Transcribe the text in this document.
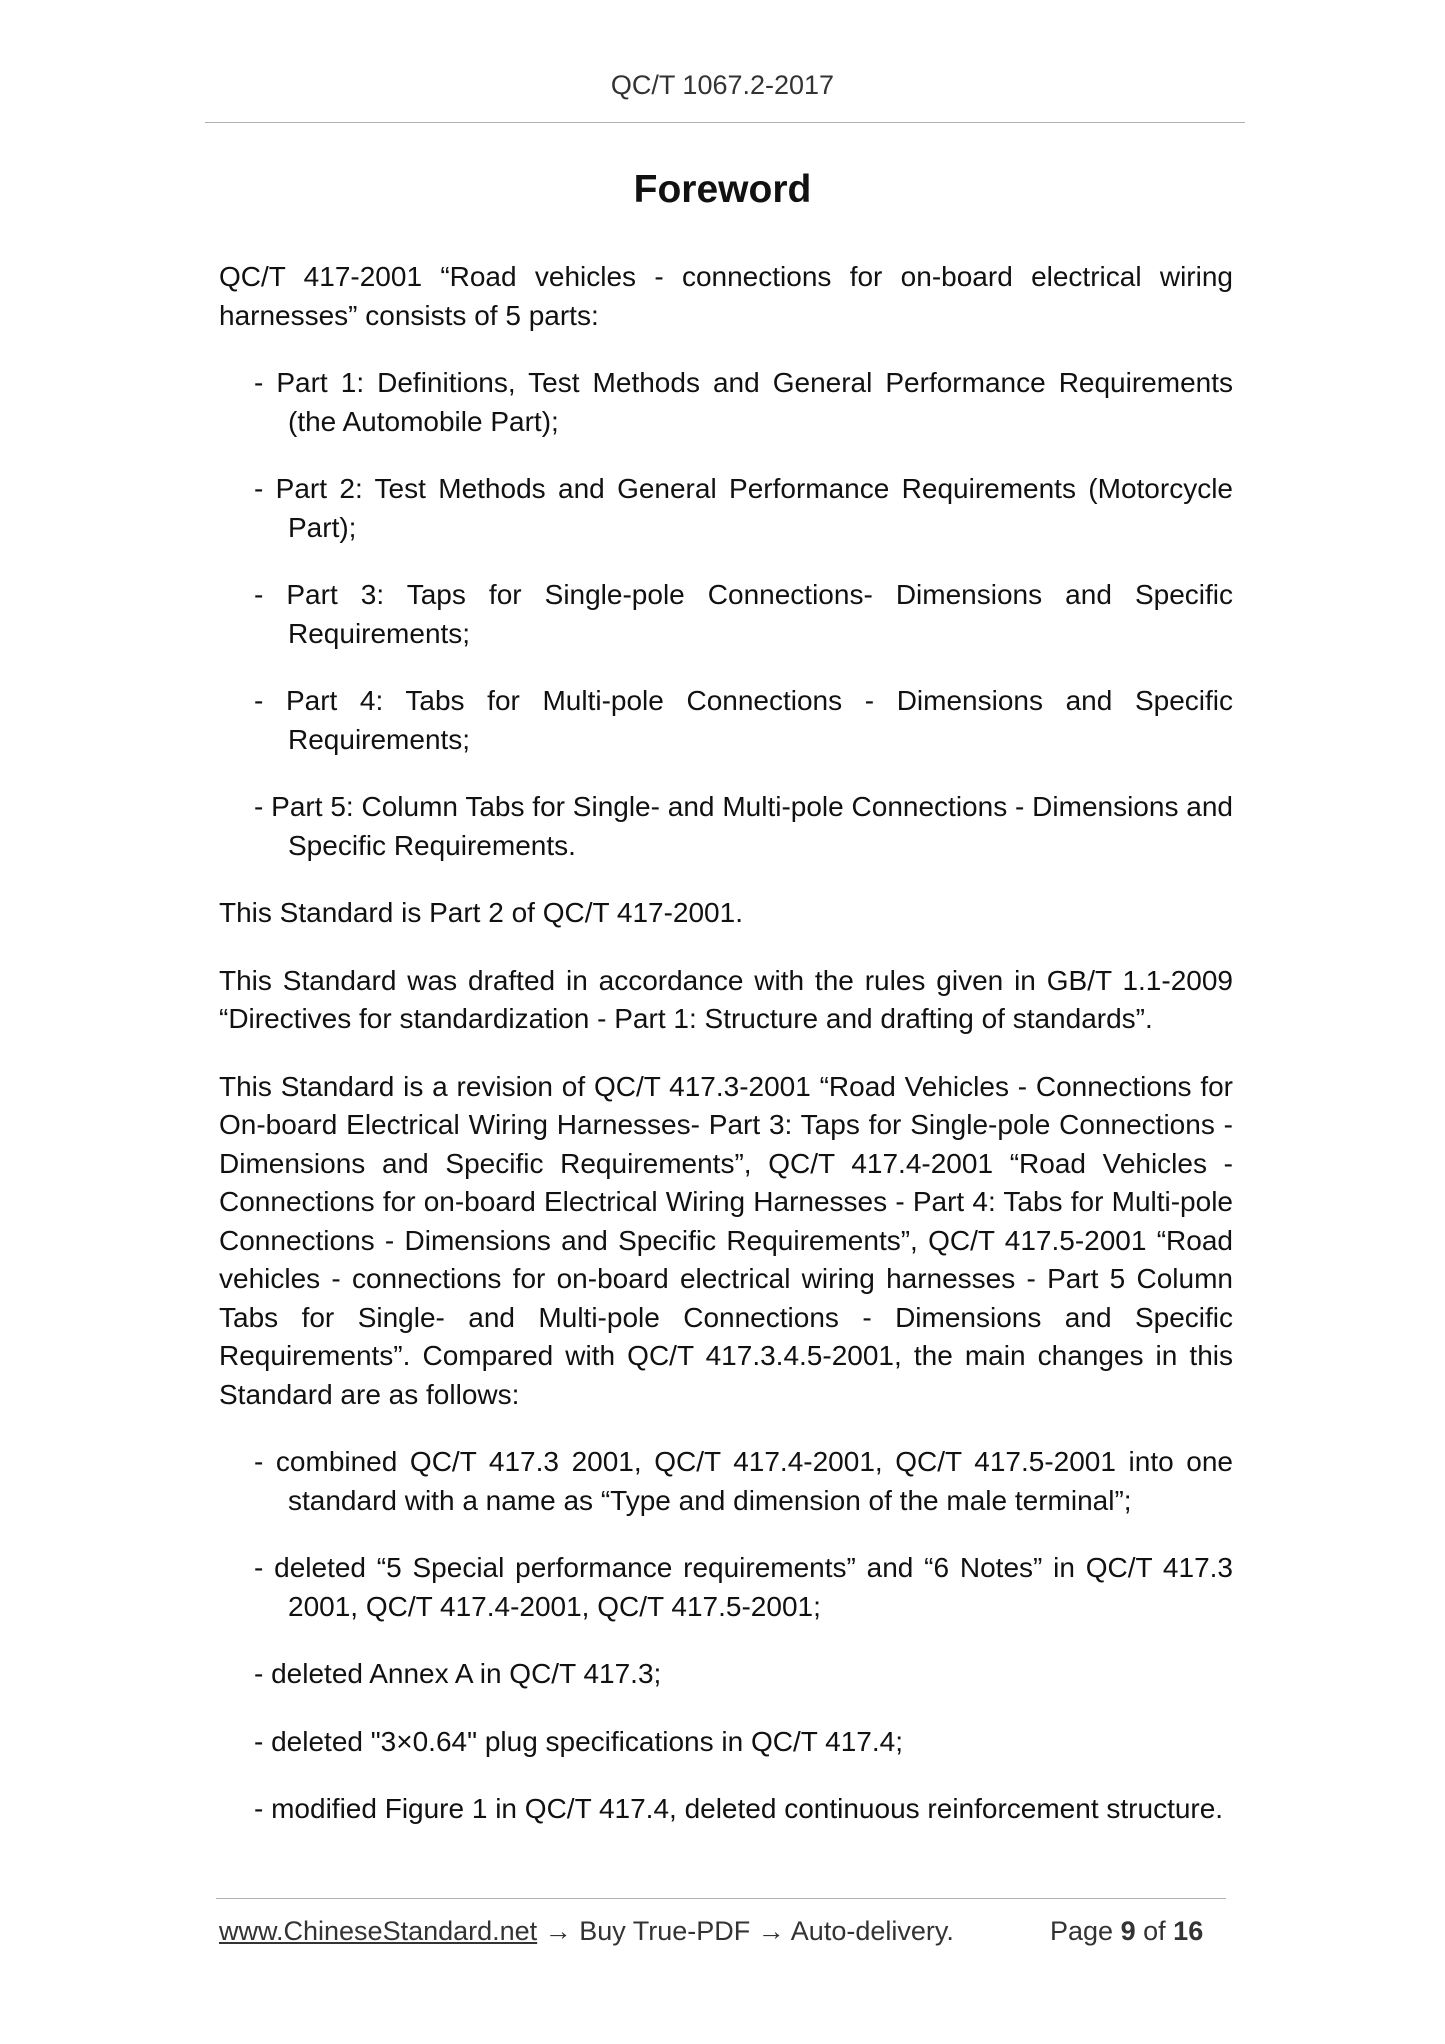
QC/T 1067.2-2017
Foreword

QC/T 417-2001 “Road vehicles - connections for on-board electrical wiring harnesses” consists of 5 parts:

- Part 1: Definitions, Test Methods and General Performance Requirements (the Automobile Part);

- Part 2: Test Methods and General Performance Requirements (Motorcycle Part);

- Part 3: Taps for Single-pole Connections- Dimensions and Specific Requirements;

- Part 4: Tabs for Multi-pole Connections - Dimensions and Specific Requirements;

- Part 5: Column Tabs for Single- and Multi-pole Connections - Dimensions and Specific Requirements.

This Standard is Part 2 of QC/T 417-2001.

This Standard was drafted in accordance with the rules given in GB/T 1.1-2009 “Directives for standardization - Part 1: Structure and drafting of standards”.

This Standard is a revision of QC/T 417.3-2001 “Road Vehicles - Connections for On-board Electrical Wiring Harnesses- Part 3: Taps for Single-pole Connections - Dimensions and Specific Requirements”, QC/T 417.4-2001 “Road Vehicles - Connections for on-board Electrical Wiring Harnesses - Part 4: Tabs for Multi-pole Connections - Dimensions and Specific Requirements”, QC/T 417.5-2001 “Road vehicles - connections for on-board electrical wiring harnesses - Part 5 Column Tabs for Single- and Multi-pole Connections - Dimensions and Specific Requirements”. Compared with QC/T 417.3.4.5-2001, the main changes in this Standard are as follows:

- combined QC/T 417.3 2001, QC/T 417.4-2001, QC/T 417.5-2001 into one standard with a name as “Type and dimension of the male terminal”;

- deleted “5 Special performance requirements” and “6 Notes” in QC/T 417.3 2001, QC/T 417.4-2001, QC/T 417.5-2001;

- deleted Annex A in QC/T 417.3;

- deleted "3×0.64" plug specifications in QC/T 417.4;

- modified Figure 1 in QC/T 417.4, deleted continuous reinforcement structure.

www.ChineseStandard.net → Buy True-PDF → Auto-delivery.	Page 9 of 16
